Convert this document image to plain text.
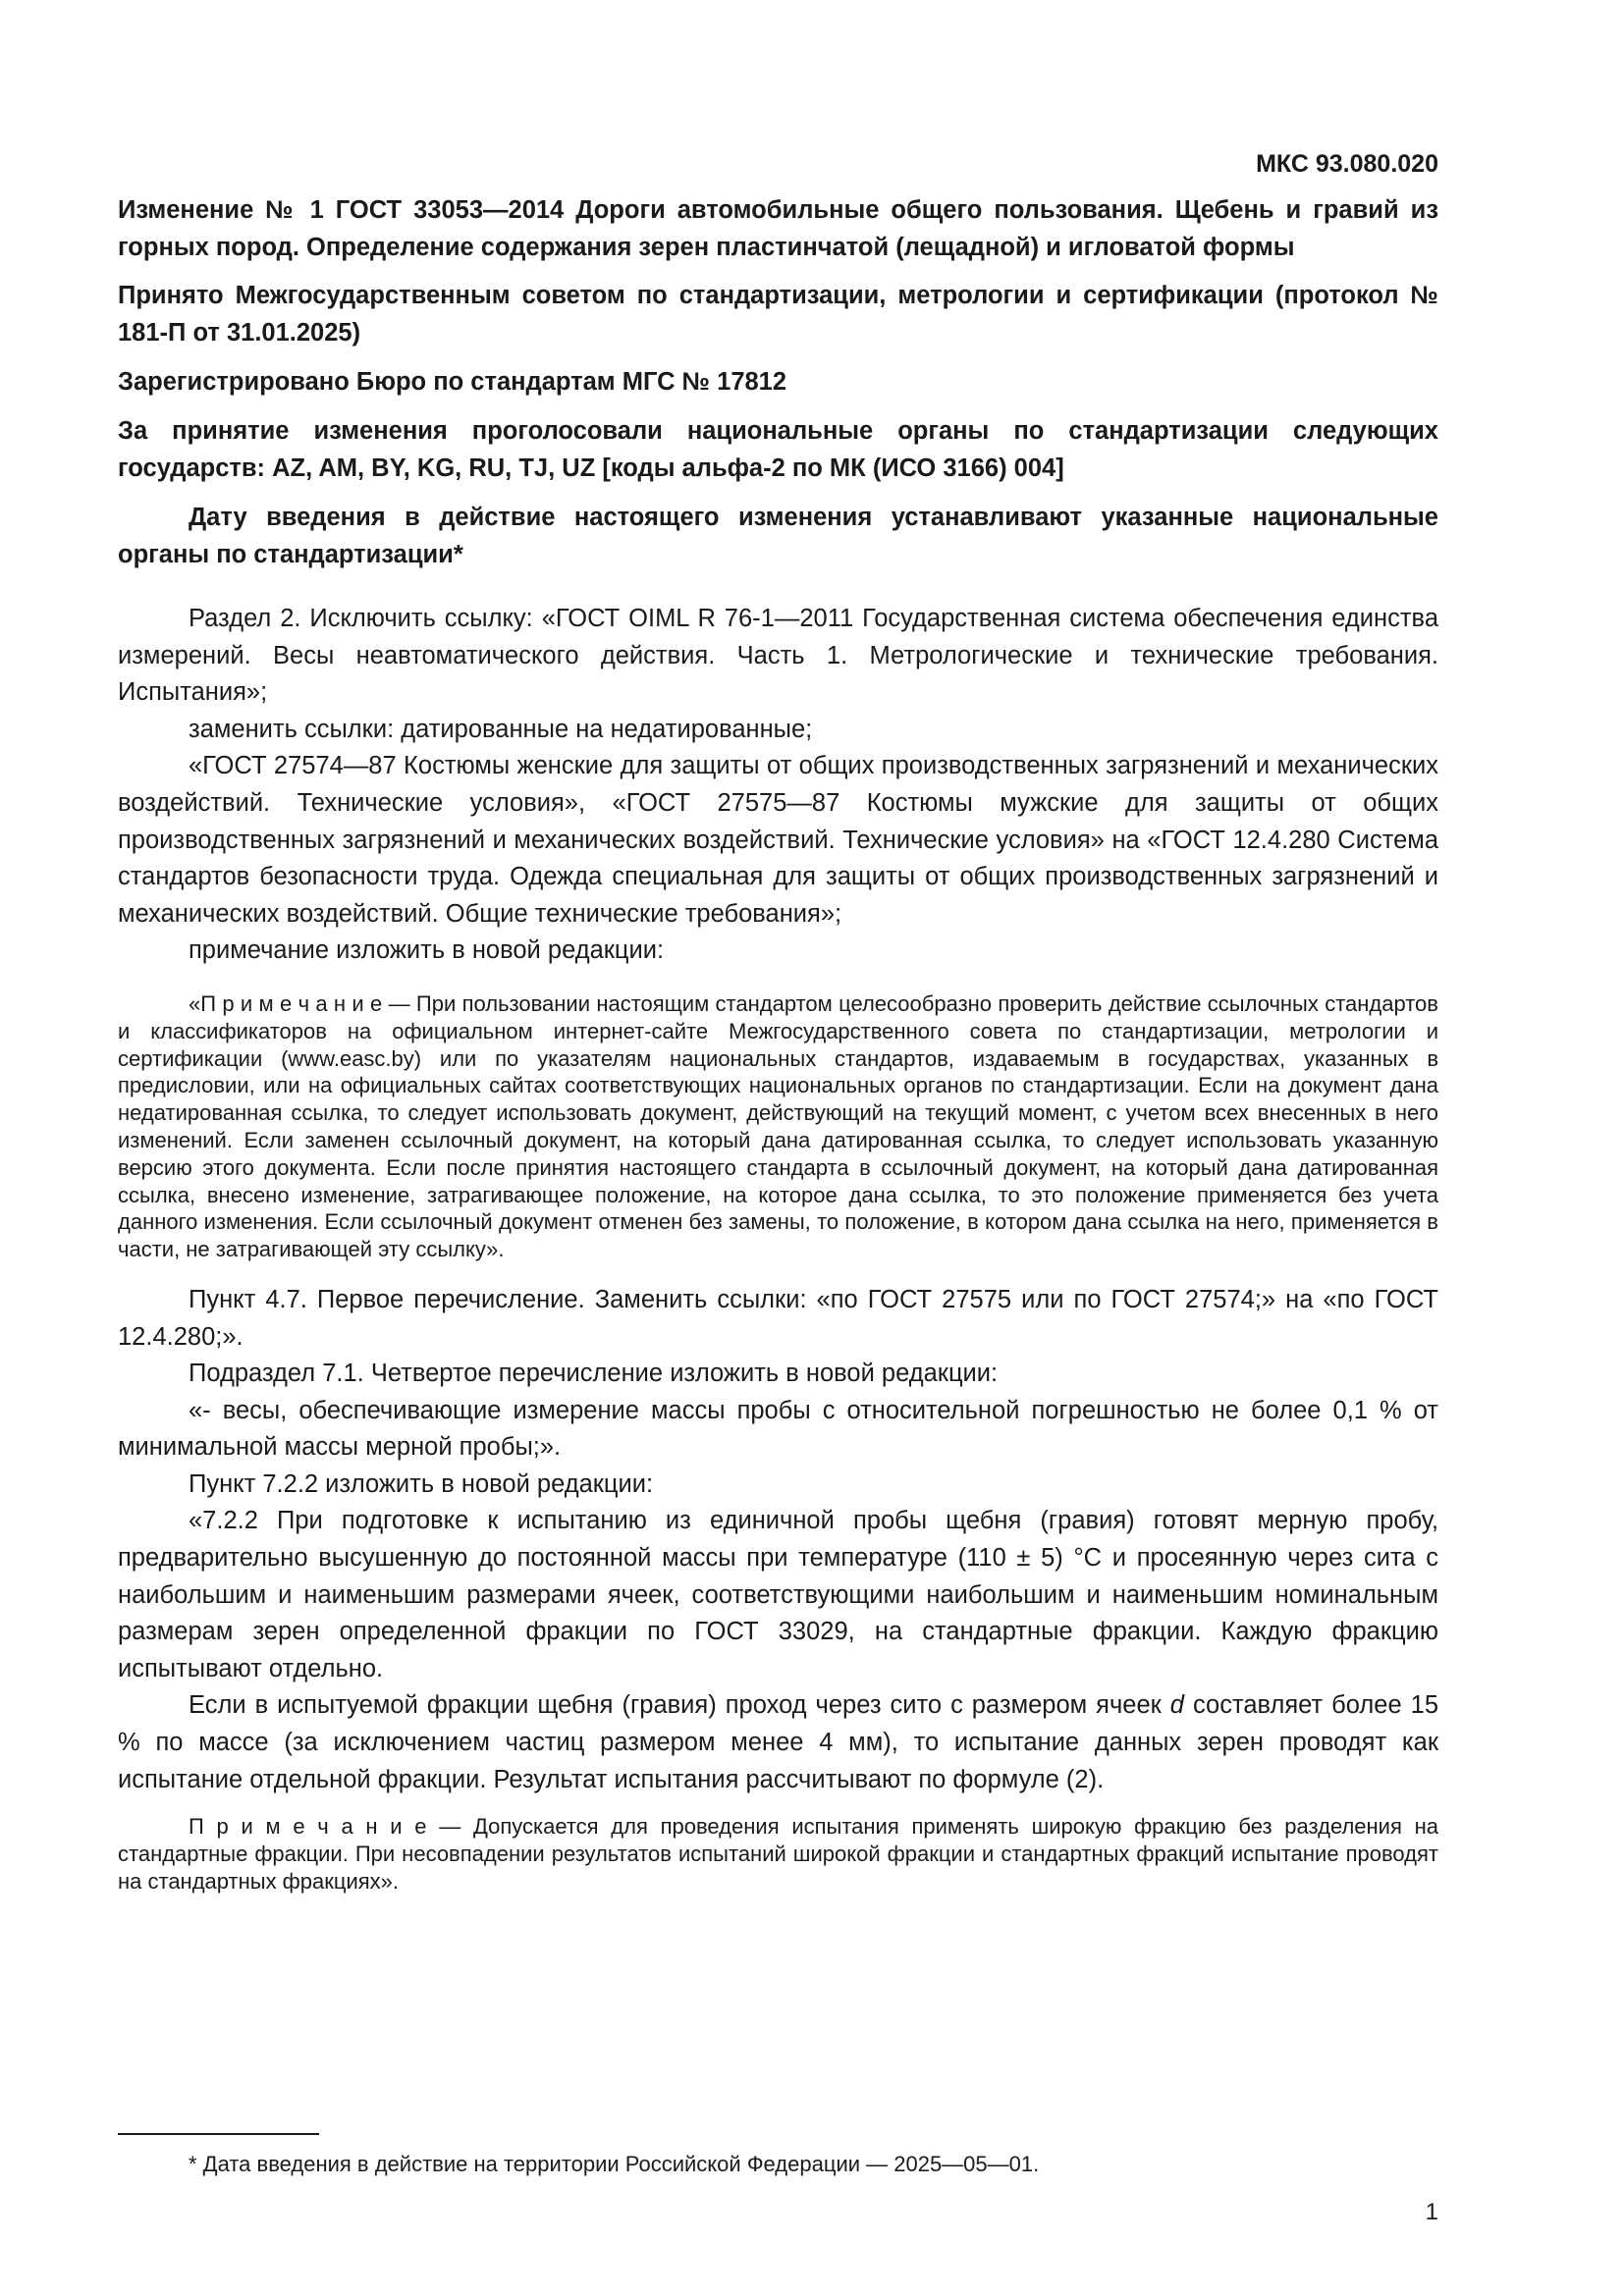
МКС 93.080.020
Изменение № 1 ГОСТ 33053—2014 Дороги автомобильные общего пользования. Щебень и гравий из горных пород. Определение содержания зерен пластинчатой (лещадной) и игловатой формы
Принято Межгосударственным советом по стандартизации, метрологии и сертификации (протокол № 181-П от 31.01.2025)
Зарегистрировано Бюро по стандартам МГС № 17812
За принятие изменения проголосовали национальные органы по стандартизации следующих государств: AZ, AM, BY, KG, RU, TJ, UZ [коды альфа-2 по МК (ИСО 3166) 004]
Дату введения в действие настоящего изменения устанавливают указанные национальные органы по стандартизации*

Раздел 2. Исключить ссылку: «ГОСТ OIML R 76-1—2011 Государственная система обеспечения единства измерений. Весы неавтоматического действия. Часть 1. Метрологические и технические требования. Испытания»;

заменить ссылки: датированные на недатированные;

«ГОСТ 27574—87 Костюмы женские для защиты от общих производственных загрязнений и механических воздействий. Технические условия», «ГОСТ 27575—87 Костюмы мужские для защиты от общих производственных загрязнений и механических воздействий. Технические условия» на «ГОСТ 12.4.280 Система стандартов безопасности труда. Одежда специальная для защиты от общих производственных загрязнений и механических воздействий. Общие технические требования»;

примечание изложить в новой редакции:

«П р и м е ч а н и е — При пользовании настоящим стандартом целесообразно проверить действие ссылочных стандартов и классификаторов на официальном интернет-сайте Межгосударственного совета по стандартизации, метрологии и сертификации (www.easc.by) или по указателям национальных стандартов, издаваемым в государствах, указанных в предисловии, или на официальных сайтах соответствующих национальных органов по стандартизации. Если на документ дана недатированная ссылка, то следует использовать документ, действующий на текущий момент, с учетом всех внесенных в него изменений. Если заменен ссылочный документ, на который дана датированная ссылка, то следует использовать указанную версию этого документа. Если после принятия настоящего стандарта в ссылочный документ, на который дана датированная ссылка, внесено изменение, затрагивающее положение, на которое дана ссылка, то это положение применяется без учета данного изменения. Если ссылочный документ отменен без замены, то положение, в котором дана ссылка на него, применяется в части, не затрагивающей эту ссылку».

Пункт 4.7. Первое перечисление. Заменить ссылки: «по ГОСТ 27575 или по ГОСТ 27574;» на «по ГОСТ 12.4.280;».

Подраздел 7.1. Четвертое перечисление изложить в новой редакции:

«- весы, обеспечивающие измерение массы пробы с относительной погрешностью не более 0,1 % от минимальной массы мерной пробы;».

Пункт 7.2.2 изложить в новой редакции:

«7.2.2 При подготовке к испытанию из единичной пробы щебня (гравия) готовят мерную пробу, предварительно высушенную до постоянной массы при температуре (110 ± 5) °C и просеянную через сита с наибольшим и наименьшим размерами ячеек, соответствующими наибольшим и наименьшим номинальным размерам зерен определенной фракции по ГОСТ 33029, на стандартные фракции. Каждую фракцию испытывают отдельно.

Если в испытуемой фракции щебня (гравия) проход через сито с размером ячеек d составляет более 15 % по массе (за исключением частиц размером менее 4 мм), то испытание данных зерен проводят как испытание отдельной фракции. Результат испытания рассчитывают по формуле (2).

П р и м е ч а н и е — Допускается для проведения испытания применять широкую фракцию без разделения на стандартные фракции. При несовпадении результатов испытаний широкой фракции и стандартных фракций испытание проводят на стандартных фракциях».

* Дата введения в действие на территории Российской Федерации — 2025—05—01.
1
